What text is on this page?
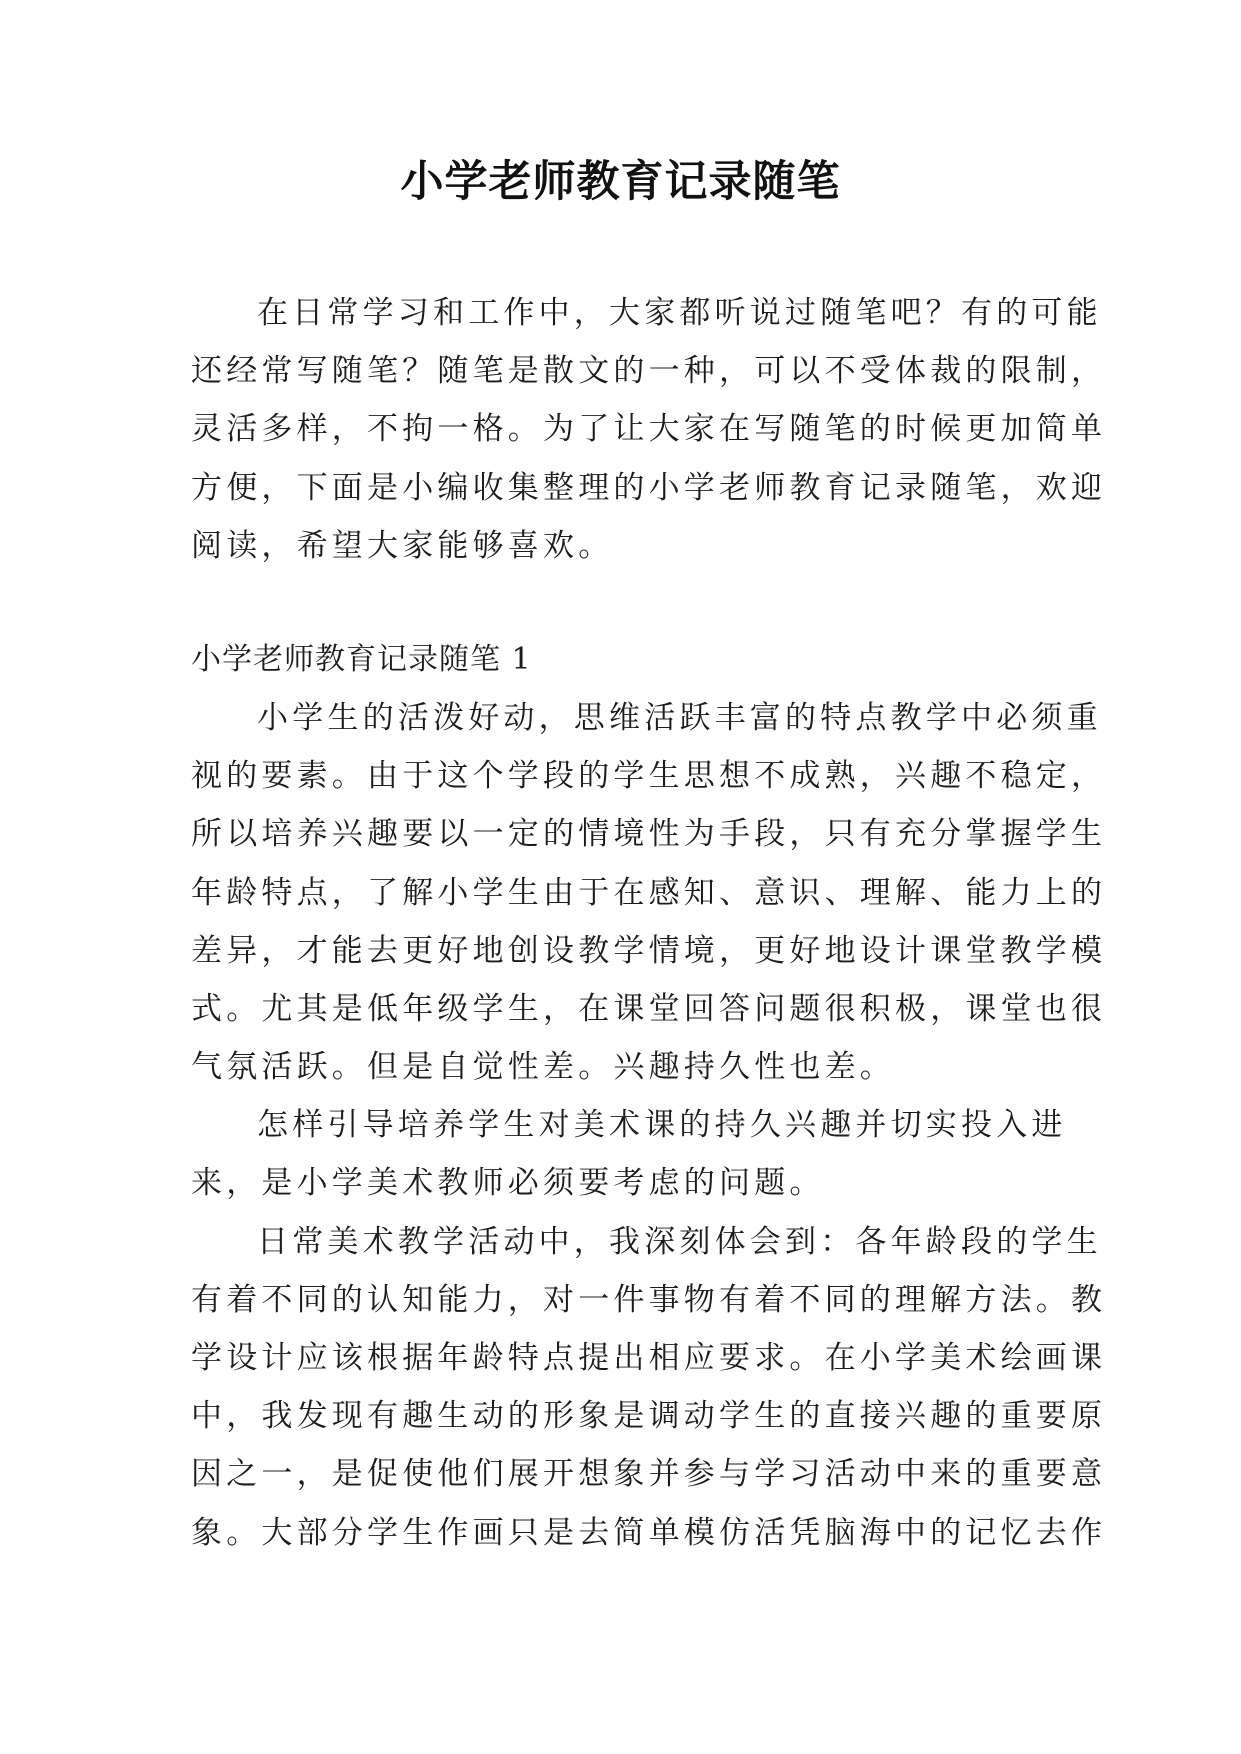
小学老师教育记录随笔
在日常学习和工作中，大家都听说过随笔吧？有的可能
还经常写随笔？随笔是散文的一种，可以不受体裁的限制，
灵活多样，不拘一格。为了让大家在写随笔的时候更加简单
方便，下面是小编收集整理的小学老师教育记录随笔，欢迎
阅读，希望大家能够喜欢。
小学老师教育记录随笔 1
小学生的活泼好动，思维活跃丰富的特点教学中必须重
视的要素。由于这个学段的学生思想不成熟，兴趣不稳定，
所以培养兴趣要以一定的情境性为手段，只有充分掌握学生
年龄特点，了解小学生由于在感知、意识、理解、能力上的
差异，才能去更好地创设教学情境，更好地设计课堂教学模
式。尤其是低年级学生，在课堂回答问题很积极，课堂也很
气氛活跃。但是自觉性差。兴趣持久性也差。
怎样引导培养学生对美术课的持久兴趣并切实投入进
来，是小学美术教师必须要考虑的问题。
日常美术教学活动中，我深刻体会到：各年龄段的学生
有着不同的认知能力，对一件事物有着不同的理解方法。教
学设计应该根据年龄特点提出相应要求。在小学美术绘画课
中，我发现有趣生动的形象是调动学生的直接兴趣的重要原
因之一，是促使他们展开想象并参与学习活动中来的重要意
象。大部分学生作画只是去简单模仿活凭脑海中的记忆去作
